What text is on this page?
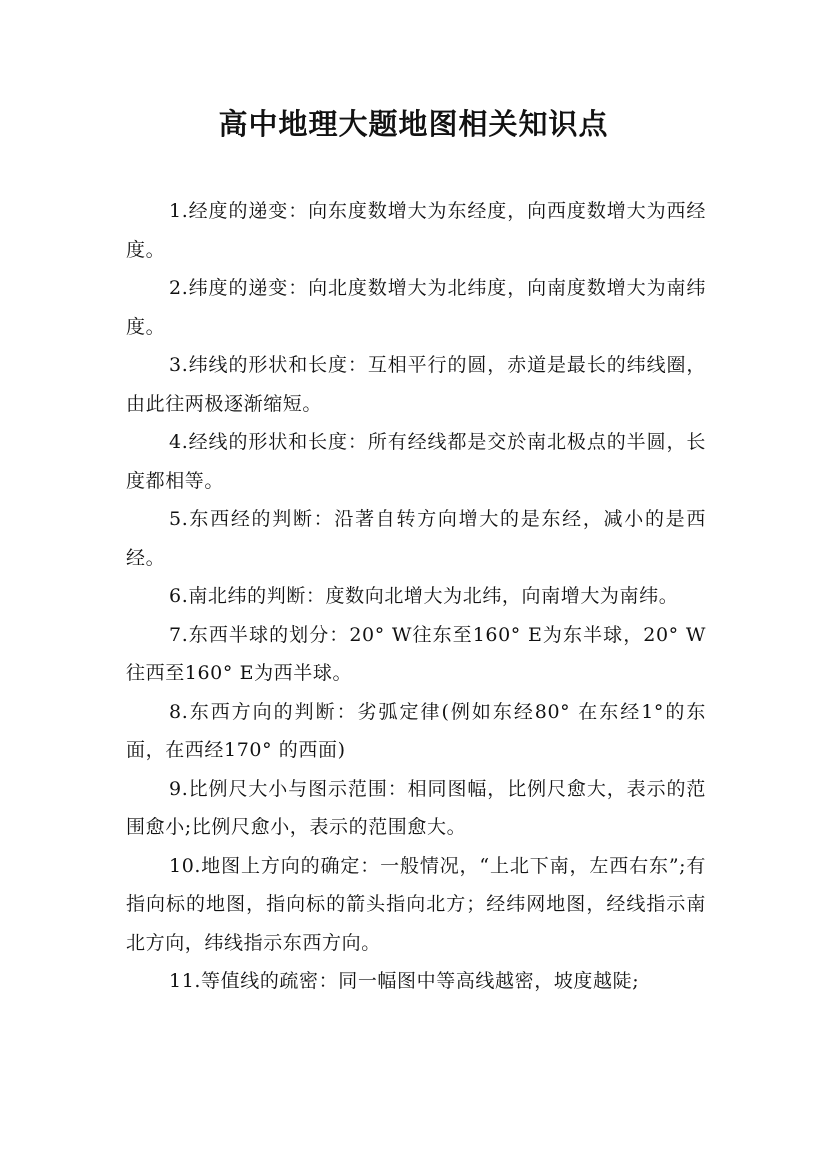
高中地理大题地图相关知识点

1.经度的递变：向东度数增大为东经度，向西度数增大为西经度。

2.纬度的递变：向北度数增大为北纬度，向南度数增大为南纬度。

3.纬线的形状和长度：互相平行的圆，赤道是最长的纬线圈，由此往两极逐渐缩短。

4.经线的形状和长度：所有经线都是交於南北极点的半圆，长度都相等。

5.东西经的判断：沿著自转方向增大的是东经，减小的是西经。

6.南北纬的判断：度数向北增大为北纬，向南增大为南纬。

7.东西半球的划分：20° W往东至160° E为东半球，20° W往西至160° E为西半球。

8.东西方向的判断：劣弧定律(例如东经80° 在东经1°的东面，在西经170° 的西面)

9.比例尺大小与图示范围：相同图幅，比例尺愈大，表示的范围愈小;比例尺愈小，表示的范围愈大。

10.地图上方向的确定：一般情况，“上北下南，左西右东”;有指向标的地图，指向标的箭头指向北方；经纬网地图，经线指示南北方向，纬线指示东西方向。

11.等值线的疏密：同一幅图中等高线越密，坡度越陡;
